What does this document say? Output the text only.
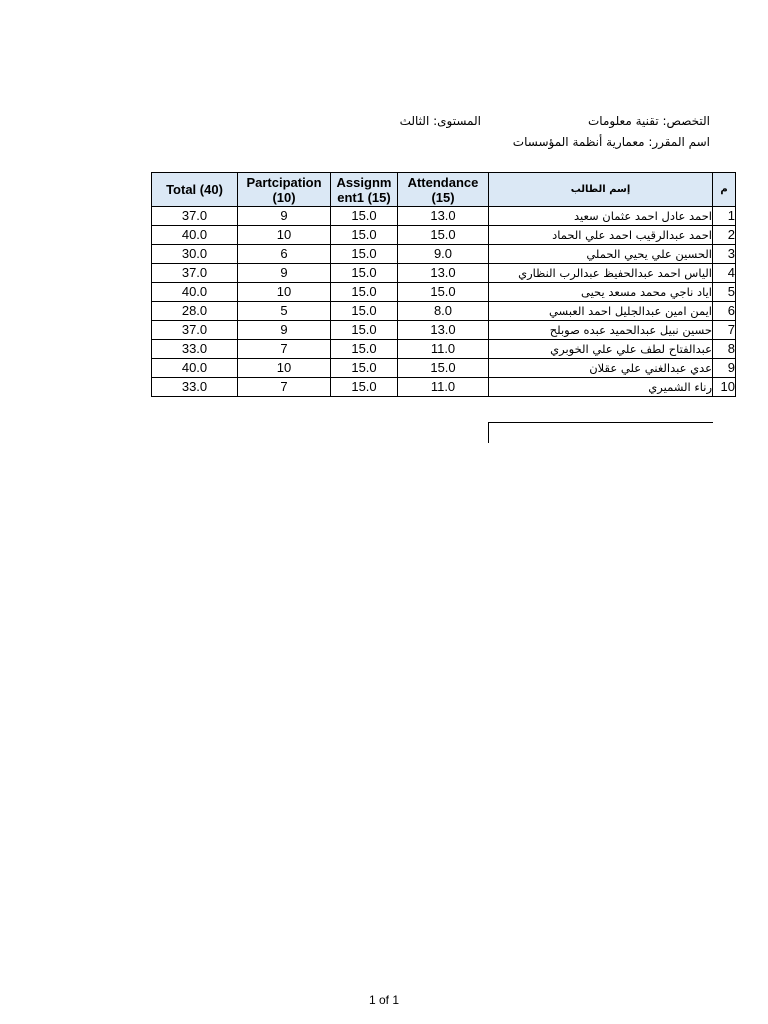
التخصص: تقنية معلومات
المستوى: الثالث
اسم المقرر: معمارية أنظمة المؤسسات
Total (40)	Partcipation (10)	Assignm ent1 (15)	Attendance (15)	إسم الطالب	م
37.0	9	15.0	13.0	احمد عادل احمد عثمان سعيد	1
40.0	10	15.0	15.0	احمد عبدالرقيب احمد علي الحماد	2
30.0	6	15.0	9.0	الحسين علي يحيي الحملي	3
37.0	9	15.0	13.0	الياس احمد عبدالحفيظ عبدالرب النظاري	4
40.0	10	15.0	15.0	اياد ناجي محمد مسعد يحيى	5
28.0	5	15.0	8.0	ايمن امين عبدالجليل احمد العبسي	6
37.0	9	15.0	13.0	حسين نبيل عبدالحميد عبده صوبلح	7
33.0	7	15.0	11.0	عبدالفتاح لطف علي علي الخوبري	8
40.0	10	15.0	15.0	عدي عبدالغني علي عقلان	9
33.0	7	15.0	11.0	رناء الشميري	10
1 of 1
